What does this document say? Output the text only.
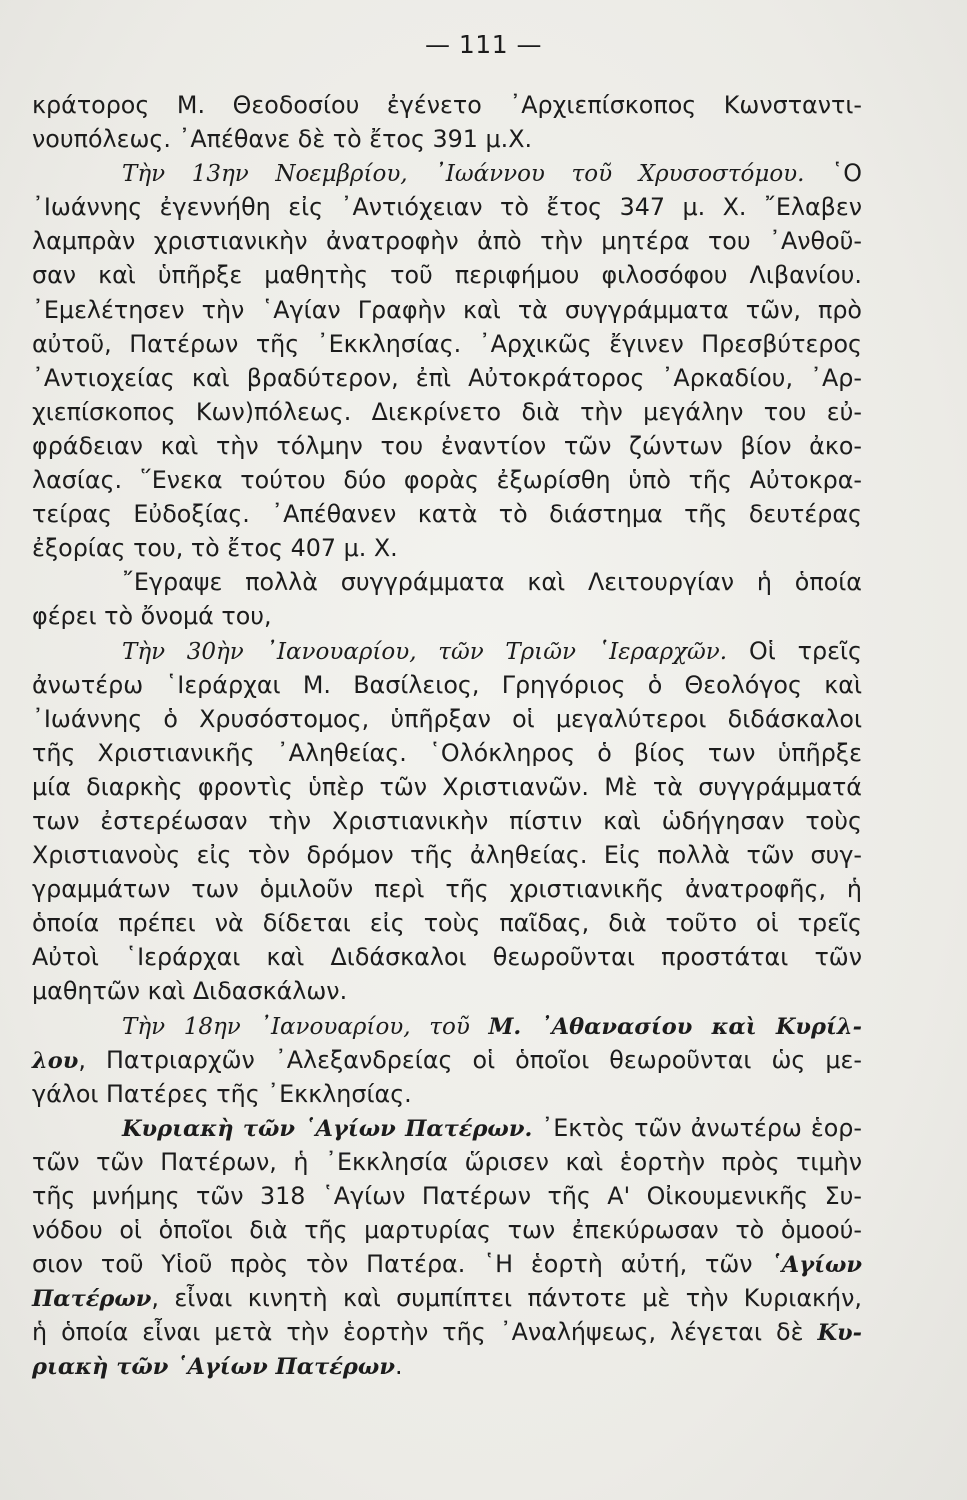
— 111 —
κράτορος Μ. Θεοδοσίου ἐγένετο ᾿Αρχιεπίσκοπος Κωνσταντι-
νουπόλεως. ᾿Απέθανε δὲ τὸ ἔτος 391 μ.Χ.
Τὴν 13ην Νοεμβρίου, ᾿Ιωάννου τοῦ Χρυσοστόμου. ῾Ο
᾿Ιωάννης ἐγεννήθη εἰς ᾿Αντιόχειαν τὸ ἔτος 347 μ. Χ. ῎Ελαβεν
λαμπρὰν χριστιανικὴν ἀνατροφὴν ἀπὸ τὴν μητέρα του ᾿Ανθοῦ-
σαν καὶ ὑπῆρξε μαθητὴς τοῦ περιφήμου φιλοσόφου Λιβανίου.
᾿Εμελέτησεν τὴν ῾Αγίαν Γραφὴν καὶ τὰ συγγράμματα τῶν, πρὸ
αὐτοῦ, Πατέρων τῆς ᾿Εκκλησίας. ᾿Αρχικῶς ἔγινεν Πρεσβύτερος
᾿Αντιοχείας καὶ βραδύτερον, ἐπὶ Αὐτοκράτορος ᾿Αρκαδίου, ᾿Αρ-
χιεπίσκοπος Κων)πόλεως. Διεκρίνετο διὰ τὴν μεγάλην του εὐ-
φράδειαν καὶ τὴν τόλμην του ἐναντίον τῶν ζώντων βίον ἀκο-
λασίας. ῞Ενεκα τούτου δύο φορὰς ἐξωρίσθη ὑπὸ τῆς Αὐτοκρα-
τείρας Εὐδοξίας. ᾿Απέθανεν κατὰ τὸ διάστημα τῆς δευτέρας
ἐξορίας του, τὸ ἔτος 407 μ. Χ.
῎Εγραψε πολλὰ συγγράμματα καὶ Λειτουργίαν ἡ ὁποία
φέρει τὸ ὄνομά του,
Τὴν 30ὴν ᾿Ιανουαρίου, τῶν Τριῶν ῾Ιεραρχῶν. Οἱ τρεῖς
ἀνωτέρω ῾Ιεράρχαι Μ. Βασίλειος, Γρηγόριος ὁ Θεολόγος καὶ
᾿Ιωάννης ὁ Χρυσόστομος, ὑπῆρξαν οἱ μεγαλύτεροι διδάσκαλοι
τῆς Χριστιανικῆς ᾿Αληθείας. ῾Ολόκληρος ὁ βίος των ὑπῆρξε
μία διαρκὴς φροντὶς ὑπὲρ τῶν Χριστιανῶν. Μὲ τὰ συγγράμματά
των ἐστερέωσαν τὴν Χριστιανικὴν πίστιν καὶ ὡδήγησαν τοὺς
Χριστιανοὺς εἰς τὸν δρόμον τῆς ἀληθείας. Εἰς πολλὰ τῶν συγ-
γραμμάτων των ὁμιλοῦν περὶ τῆς χριστιανικῆς ἀνατροφῆς, ἡ
ὁποία πρέπει νὰ δίδεται εἰς τοὺς παῖδας, διὰ τοῦτο οἱ τρεῖς
Αὐτοὶ ῾Ιεράρχαι καὶ Διδάσκαλοι θεωροῦνται προστάται τῶν
μαθητῶν καὶ Διδασκάλων.
Τὴν 18ην ᾿Ιανουαρίου, τοῦ Μ. ᾿Αθανασίου καὶ Κυρίλ-
λου, Πατριαρχῶν ᾿Αλεξανδρείας οἱ ὁποῖοι θεωροῦνται ὡς με-
γάλοι Πατέρες τῆς ᾿Εκκλησίας.
Κυριακὴ τῶν ῾Αγίων Πατέρων. ᾿Εκτὸς τῶν ἀνωτέρω ἑορ-
τῶν τῶν Πατέρων, ἡ ᾿Εκκλησία ὥρισεν καὶ ἑορτὴν πρὸς τιμὴν
τῆς μνήμης τῶν 318 ῾Αγίων Πατέρων τῆς Α' Οἰκουμενικῆς Συ-
νόδου οἱ ὁποῖοι διὰ τῆς μαρτυρίας των ἐπεκύρωσαν τὸ ὁμοού-
σιον τοῦ Υἱοῦ πρὸς τὸν Πατέρα. ῾Η ἑορτὴ αὐτή, τῶν ῾Αγίων
Πατέρων, εἶναι κινητὴ καὶ συμπίπτει πάντοτε μὲ τὴν Κυριακήν,
ἡ ὁποία εἶναι μετὰ τὴν ἑορτὴν τῆς ᾿Αναλήψεως, λέγεται δὲ Κυ-
ριακὴ τῶν ῾Αγίων Πατέρων.
